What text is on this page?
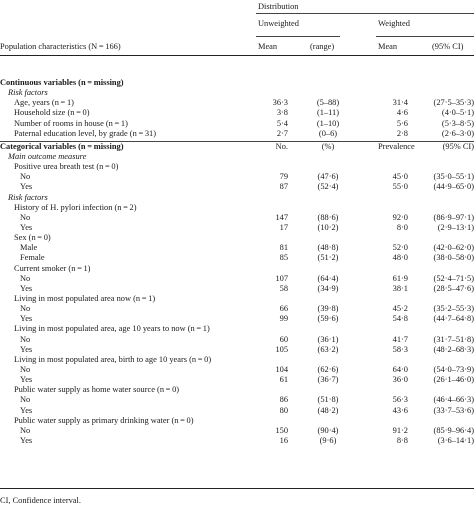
Distribution
Unweighted	Weighted
Population characteristics (N = 166)	Mean	(range)	Mean	(95% CI)
Continuous variables (n = missing)
Risk factors
Age, years (n = 1)	36·3	(5–88)	31·4	(27·5–35·3)
Household size (n = 0)	3·8	(1–11)	4·6	(4·0–5·1)
Number of rooms in house (n = 1)	5·4	(1–10)	5·6	(5·3–8·5)
Paternal education level, by grade (n = 31)	2·7	(0–6)	2·8	(2·6–3·0)
Categorical variables (n = missing)	No.	(%)	Prevalence	(95% CI)
Main outcome measure
Positive urea breath test (n = 0)
No	79	(47·6)	45·0	(35·0–55·1)
Yes	87	(52·4)	55·0	(44·9–65·0)
Risk factors
History of H. pylori infection (n = 2)
No	147	(88·6)	92·0	(86·9–97·1)
Yes	17	(10·2)	8·0	(2·9–13·1)
Sex (n = 0)
Male	81	(48·8)	52·0	(42·0–62·0)
Female	85	(51·2)	48·0	(38·0–58·0)
Current smoker (n = 1)
No	107	(64·4)	61·9	(52·4–71·5)
Yes	58	(34·9)	38·1	(28·5–47·6)
Living in most populated area now (n = 1)
No	66	(39·8)	45·2	(35·2–55·3)
Yes	99	(59·6)	54·8	(44·7–64·8)
Living in most populated area, age 10 years to now (n = 1)
No	60	(36·1)	41·7	(31·7–51·8)
Yes	105	(63·2)	58·3	(48·2–68·3)
Living in most populated area, birth to age 10 years (n = 0)
No	104	(62·6)	64·0	(54·0–73·9)
Yes	61	(36·7)	36·0	(26·1–46·0)
Public water supply as home water source (n = 0)
No	86	(51·8)	56·3	(46·4–66·3)
Yes	80	(48·2)	43·6	(33·7–53·6)
Public water supply as primary drinking water (n = 0)
No	150	(90·4)	91·2	(85·9–96·4)
Yes	16	(9·6)	8·8	(3·6–14·1)
CI, Confidence interval.
